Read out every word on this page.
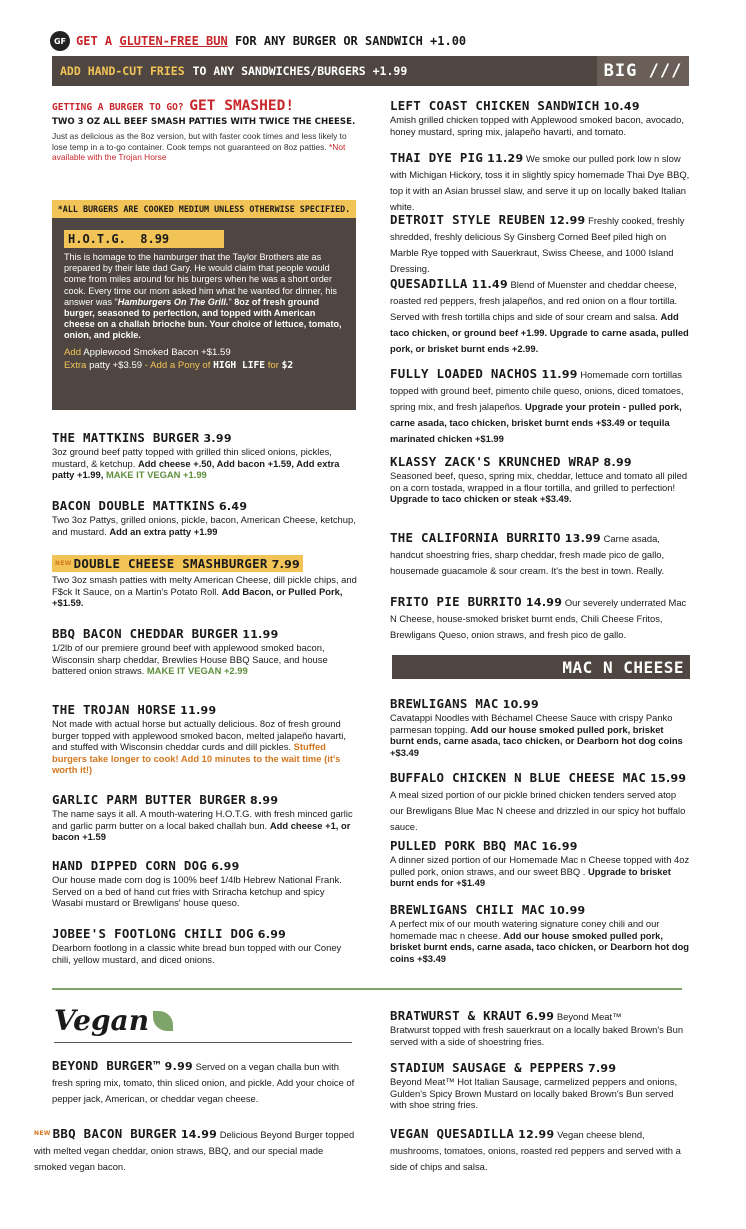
GF GET A GLUTEN-FREE BUN FOR ANY BURGER OR SANDWICH +1.00
ADD HAND-CUT FRIES TO ANY SANDWICHES/BURGERS +1.99	BIG ///
GETTING A BURGER TO GO? GET SMASHED!
TWO 3 OZ ALL BEEF SMASH PATTIES WITH TWICE THE CHEESE.
Just as delicious as the 8oz version, but with faster cook times and less likely to lose temp in a to-go container. Cook temps not guaranteed on 8oz patties. *Not available with the Trojan Horse
*ALL BURGERS ARE COOKED MEDIUM UNLESS OTHERWISE SPECIFIED.
H.O.T.G. 8.99
This is homage to the hamburger that the Taylor Brothers ate as prepared by their late dad Gary. He would claim that people would come from miles around for his burgers when he was a short order cook. Every time our mom asked him what he wanted for dinner, his answer was "Hamburgers On The Grill." 8oz of fresh ground burger, seasoned to perfection, and topped with American cheese on a challah brioche bun. Your choice of lettuce, tomato, onion, and pickle.
Add Applewood Smoked Bacon +$1.59
Extra patty +$3.59 - Add a Pony of HIGH LIFE for $2
THE MATTKINS BURGER 3.99
3oz ground beef patty topped with grilled thin sliced onions, pickles, mustard, & ketchup. Add cheese +.50, Add bacon +1.59, Add extra patty +1.99, MAKE IT VEGAN +1.99
BACON DOUBLE MATTKINS 6.49
Two 3oz Pattys, grilled onions, pickle, bacon, American Cheese, ketchup, and mustard. Add an extra patty +1.99
$^{NEW}$ DOUBLE CHEESE SMASHBURGER 7.99
Two 3oz smash patties with melty American Cheese, dill pickle chips, and F$ck It Sauce, on a Martin's Potato Roll. Add Bacon, or Pulled Pork, +$1.59.
BBQ BACON CHEDDAR BURGER 11.99
1/2lb of our premiere ground beef with applewood smoked bacon, Wisconsin sharp cheddar, Brewlies House BBQ Sauce, and house battered onion straws. MAKE IT VEGAN +2.99
THE TROJAN HORSE 11.99
Not made with actual horse but actually delicious. 8oz of fresh ground burger topped with applewood smoked bacon, melted jalapeño havarti, and stuffed with Wisconsin cheddar curds and dill pickles. Stuffed burgers take longer to cook! Add 10 minutes to the wait time (it's worth it!)
GARLIC PARM BUTTER BURGER 8.99
The name says it all. A mouth-watering H.O.T.G. with fresh minced garlic and garlic parm butter on a local baked challah bun. Add cheese +1, or bacon +1.59
HAND DIPPED CORN DOG 6.99
Our house made corn dog is 100% beef 1/4lb Hebrew National Frank. Served on a bed of hand cut fries with Sriracha ketchup and spicy Wasabi mustard or Brewligans' house queso.
JOBEE'S FOOTLONG CHILI DOG 6.99
Dearborn footlong in a classic white bread bun topped with our Coney chili, yellow mustard, and diced onions.
LEFT COAST CHICKEN SANDWICH 10.49
Amish grilled chicken topped with Applewood smoked bacon, avocado, honey mustard, spring mix, jalapeño havarti, and tomato.
THAI DYE PIG 11.29 We smoke our pulled pork low n slow with Michigan Hickory, toss it in slightly spicy homemade Thai Dye BBQ, top it with an Asian brussel slaw, and serve it up on locally baked Italian white.
DETROIT STYLE REUBEN 12.99 Freshly cooked, freshly shredded, freshly delicious Sy Ginsberg Corned Beef piled high on Marble Rye topped with Sauerkraut, Swiss Cheese, and 1000 Island Dressing.
QUESADILLA 11.49 Blend of Muenster and cheddar cheese, roasted red peppers, fresh jalapeños, and red onion on a flour tortilla. Served with fresh tortilla chips and side of sour cream and salsa. Add taco chicken, or ground beef +1.99. Upgrade to carne asada, pulled pork, or brisket burnt ends +2.99.
FULLY LOADED NACHOS 11.99 Homemade corn tortillas topped with ground beef, pimento chile queso, onions, diced tomatoes, spring mix, and fresh jalapeños. Upgrade your protein - pulled pork, carne asada, taco chicken, brisket burnt ends +$3.49 or tequila marinated chicken +$1.99
KLASSY ZACK'S KRUNCHED WRAP 8.99
Seasoned beef, queso, spring mix, cheddar, lettuce and tomato all piled on a corn tostada, wrapped in a flour tortilla, and grilled to perfection! Upgrade to taco chicken or steak +$3.49.
THE CALIFORNIA BURRITO 13.99 Carne asada, handcut shoestring fries, sharp cheddar, fresh made pico de gallo, housemade guacamole & sour cream. It's the best in town. Really.
FRITO PIE BURRITO 14.99 Our severely underrated Mac N Cheese, house-smoked brisket burnt ends, Chili Cheese Fritos, Brewligans Queso, onion straws, and fresh pico de gallo.
MAC N CHEESE
BREWLIGANS MAC 10.99
Cavatappi Noodles with Béchamel Cheese Sauce with crispy Panko parmesan topping. Add our house smoked pulled pork, brisket burnt ends, carne asada, taco chicken, or Dearborn hot dog coins +$3.49
BUFFALO CHICKEN N BLUE CHEESE MAC 15.99 A meal sized portion of our pickle brined chicken tenders served atop our Brewligans Blue Mac N cheese and drizzled in our spicy hot buffalo sauce.
PULLED PORK BBQ MAC 16.99
A dinner sized portion of our Homemade Mac n Cheese topped with 4oz pulled pork, onion straws, and our sweet BBQ . Upgrade to brisket burnt ends for +$1.49
BREWLIGANS CHILI MAC 10.99
A perfect mix of our mouth watering signature coney chili and our homemade mac n cheese. Add our house smoked pulled pork, brisket burnt ends, carne asada, taco chicken, or Dearborn hot dog coins +$3.49
Vegan
BEYOND BURGER™ 9.99 Served on a vegan challa bun with fresh spring mix, tomato, thin sliced onion, and pickle. Add your choice of pepper jack, American, or cheddar vegan cheese.
$^{NEW}$ BBQ BACON BURGER 14.99 Delicious Beyond Burger topped with melted vegan cheddar, onion straws, BBQ, and our special made smoked vegan bacon.
BRATWURST & KRAUT 6.99 Beyond Meat™
Bratwurst topped with fresh sauerkraut on a locally baked Brown's Bun served with a side of shoestring fries.
STADIUM SAUSAGE & PEPPERS 7.99
Beyond Meat™ Hot Italian Sausage, carmelized peppers and onions, Gulden's Spicy Brown Mustard on locally baked Brown's Bun served with shoe string fries.
VEGAN QUESADILLA 12.99 Vegan cheese blend, mushrooms, tomatoes, onions, roasted red peppers and served with a side of chips and salsa.
